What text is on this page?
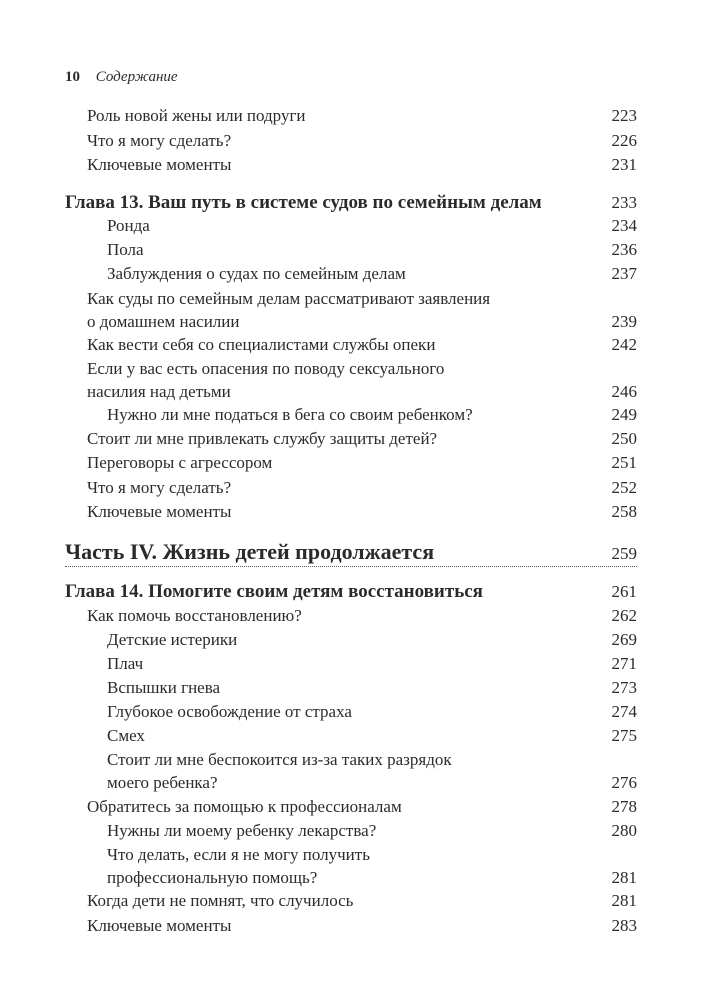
10 Содержание
Роль новой жены или подруги	223
Что я могу сделать?	226
Ключевые моменты	231
Глава 13. Ваш путь в системе судов по семейным делам	233
Ронда	234
Пола	236
Заблуждения о судах по семейным делам	237
Как суды по семейным делам рассматривают заявления
о домашнем насилии	239
Как вести себя со специалистами службы опеки	242
Если у вас есть опасения по поводу сексуального
насилия над детьми	246
Нужно ли мне податься в бега со своим ребенком?	249
Стоит ли мне привлекать службу защиты детей?	250
Переговоры с агрессором	251
Что я могу сделать?	252
Ключевые моменты	258
Часть IV. Жизнь детей продолжается	259
Глава 14. Помогите своим детям восстановиться	261
Как помочь восстановлению?	262
Детские истерики	269
Плач	271
Вспышки гнева	273
Глубокое освобождение от страха	274
Смех	275
Стоит ли мне беспокоится из-за таких разрядок
моего ребенка?	276
Обратитесь за помощью к профессионалам	278
Нужны ли моему ребенку лекарства?	280
Что делать, если я не могу получить
профессиональную помощь?	281
Когда дети не помнят, что случилось	281
Ключевые моменты	283
